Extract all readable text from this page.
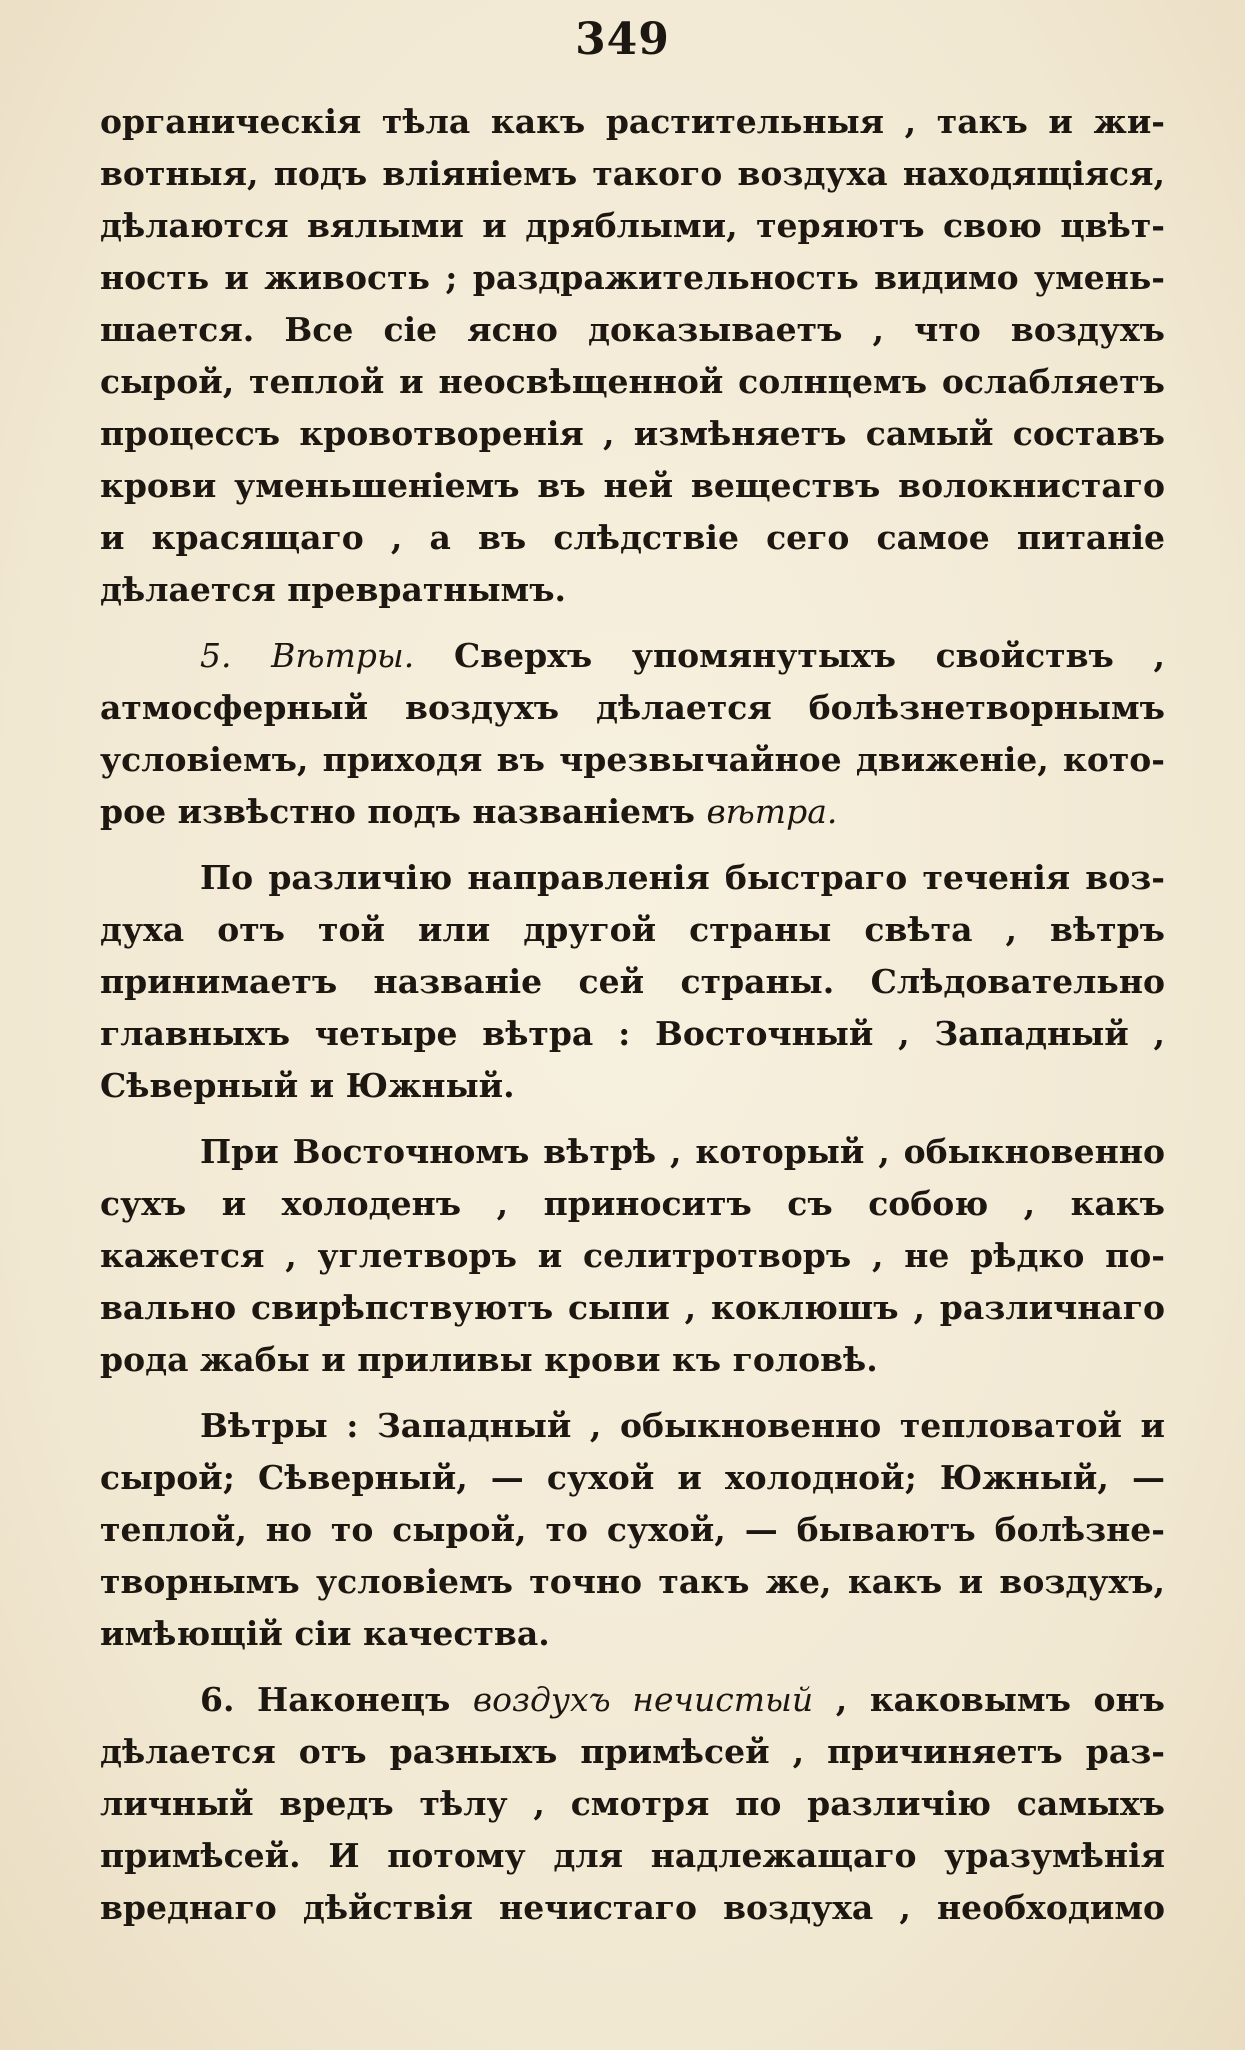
349
органическiя тѣла какъ растительныя , такъ и жи-
вотныя, подъ влiянiемъ такого воздуха находящiяся,
дѣлаются вялыми и дряблыми, теряютъ свою цвѣт-
ность и живость ; раздражительность видимо умень-
шается. Все сiе ясно доказываетъ , что воздухъ
сырой, теплой и неосвѣщенной солнцемъ ослабляетъ
процессъ кровотворенiя , измѣняетъ самый составъ
крови уменьшенiемъ въ ней веществъ волокнистаго
и красящаго , а въ слѣдствiе сего самое питанiе
дѣлается превратнымъ.
5. Вѣтры. Сверхъ упомянутыхъ свойствъ ,
атмосферный воздухъ дѣлается болѣзнетворнымъ
условiемъ, приходя въ чрезвычайное движенiе, кото-
рое извѣстно подъ названiемъ вѣтра.
По различiю направленiя быстраго теченiя воз-
духа отъ той или другой страны свѣта , вѣтръ
принимаетъ названiе сей страны. Слѣдовательно
главныхъ четыре вѣтра : Восточный , Западный ,
Сѣверный и Южный.
При Восточномъ вѣтрѣ , который , обыкновенно
сухъ и холоденъ , приноситъ съ собою , какъ
кажется , углетворъ и селитротворъ , не рѣдко по-
вально свирѣпствуютъ сыпи , коклюшъ , различнаго
рода жабы и приливы крови къ головѣ.
Вѣтры : Западный , обыкновенно тепловатой и
сырой; Сѣверный, — сухой и холодной; Южный, —
теплой, но то сырой, то сухой, — бываютъ болѣзне-
творнымъ условiемъ точно такъ же, какъ и воздухъ,
имѣющiй сiи качества.
6. Наконецъ воздухъ нечистый , каковымъ онъ
дѣлается отъ разныхъ примѣсей , причиняетъ раз-
личный вредъ тѣлу , смотря по различiю самыхъ
примѣсей. И потому для надлежащаго уразумѣнiя
вреднаго дѣйствiя нечистаго воздуха , необходимо
